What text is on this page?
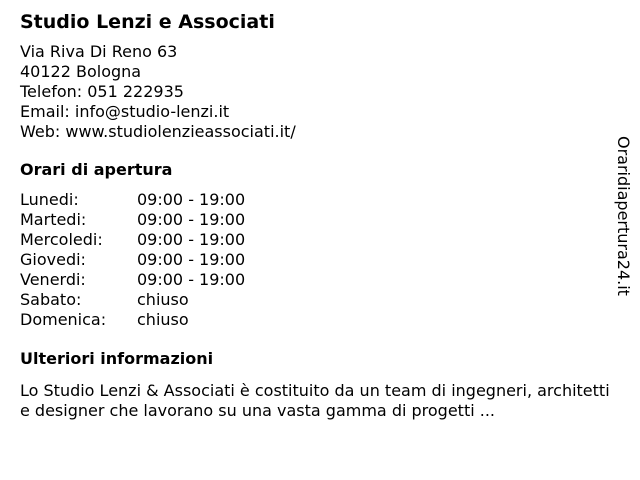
Studio Lenzi e Associati
Via Riva Di Reno 63
40122 Bologna
Telefon: 051 222935
Email: info@studio-lenzi.it
Web: www.studiolenzieassociati.it/
Orari di apertura
Lunedi:	09:00 - 19:00
Martedi:	09:00 - 19:00
Mercoledi:	09:00 - 19:00
Giovedi:	09:00 - 19:00
Venerdi:	09:00 - 19:00
Sabato:	chiuso
Domenica:	chiuso
Ulteriori informazioni
Lo Studio Lenzi & Associati è costituito da un team di ingegneri, architetti e designer che lavorano su una vasta gamma di progetti ...
Oraridiapertura24.it
